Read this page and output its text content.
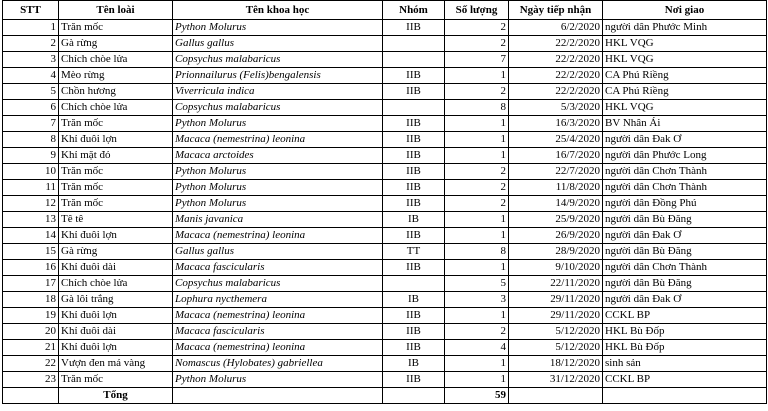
STT	Tên loài	Tên khoa học	Nhóm	Số lượng	Ngày tiếp nhận	Nơi giao
1	Trăn mốc	Python Molurus	IIB	2	6/2/2020	người dân Phước Minh
2	Gà rừng	Gallus gallus		2	22/2/2020	HKL VQG
3	Chích chòe lửa	Copsychus malabaricus		7	22/2/2020	HKL VQG
4	Mèo rừng	Prionnailurus (Felis)bengalensis	IIB	1	22/2/2020	CA Phú Riềng
5	Chồn hương	Viverricula indica	IIB	2	22/2/2020	CA Phú Riềng
6	Chích chòe lửa	Copsychus malabaricus		8	5/3/2020	HKL VQG
7	Trăn mốc	Python Molurus	IIB	1	16/3/2020	BV Nhân Ái
8	Khỉ đuôi lợn	Macaca (nemestrina) leonina	IIB	1	25/4/2020	người dân Đak Ơ
9	Khỉ mặt đỏ	Macaca arctoides	IIB	1	16/7/2020	người dân Phước Long
10	Trăn mốc	Python Molurus	IIB	2	22/7/2020	người dân Chơn Thành
11	Trăn mốc	Python Molurus	IIB	2	11/8/2020	người dân Chơn Thành
12	Trăn mốc	Python Molurus	IIB	2	14/9/2020	người dân Đồng Phú
13	Tê tê	Manis javanica	IB	1	25/9/2020	người dân Bù Đăng
14	Khỉ đuôi lợn	Macaca (nemestrina) leonina	IIB	1	26/9/2020	người dân Đak Ơ
15	Gà rừng	Gallus gallus	TT	8	28/9/2020	người dân Bù Đăng
16	Khỉ đuôi dài	Macaca fascicularis	IIB	1	9/10/2020	người dân Chơn Thành
17	Chích chòe lửa	Copsychus malabaricus		5	22/11/2020	người dân Bù Đăng
18	Gà lôi trắng	Lophura nycthemera	IB	3	29/11/2020	người dân Đak Ơ
19	Khỉ đuôi lợn	Macaca (nemestrina) leonina	IIB	1	29/11/2020	CCKL BP
20	Khỉ đuôi dài	Macaca fascicularis	IIB	2	5/12/2020	HKL Bù Đốp
21	Khỉ đuôi lợn	Macaca (nemestrina) leonina	IIB	4	5/12/2020	HKL Bù Đốp
22	Vượn đen má vàng	Nomascus (Hylobates) gabriellea	IB	1	18/12/2020	sinh sản
23	Trăn mốc	Python Molurus	IIB	1	31/12/2020	CCKL BP
	Tổng			59		
